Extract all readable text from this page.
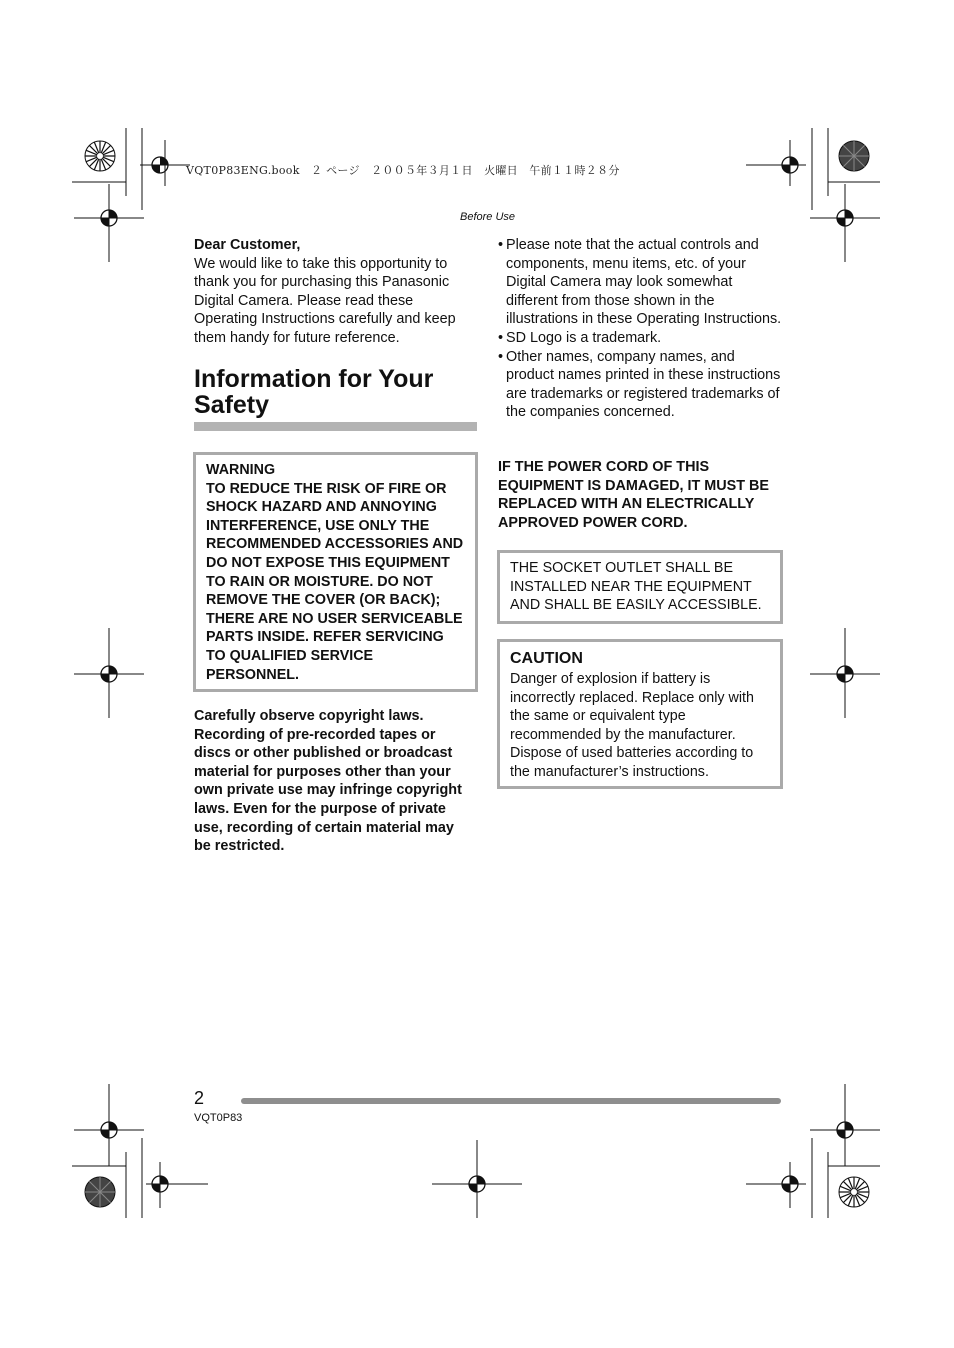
VQT0P83ENG.book　２ ページ　２００５年３月１日　火曜日　午前１１時２８分
Before Use

Dear Customer,

We would like to take this opportunity to thank you for purchasing this Panasonic Digital Camera. Please read these Operating Instructions carefully and keep them handy for future reference.

Information for Your Safety

WARNING

TO REDUCE THE RISK OF FIRE OR SHOCK HAZARD AND ANNOYING INTERFERENCE, USE ONLY THE RECOMMENDED ACCESSORIES AND DO NOT EXPOSE THIS EQUIPMENT TO RAIN OR MOISTURE. DO NOT REMOVE THE COVER (OR BACK); THERE ARE NO USER SERVICEABLE PARTS INSIDE. REFER SERVICING TO QUALIFIED SERVICE PERSONNEL.

Carefully observe copyright laws. Recording of pre-recorded tapes or discs or other published or broadcast material for purposes other than your own private use may infringe copyright laws. Even for the purpose of private use, recording of certain material may be restricted.

• Please note that the actual controls and components, menu items, etc. of your Digital Camera may look somewhat different from those shown in the illustrations in these Operating Instructions.
• SD Logo is a trademark.
• Other names, company names, and product names printed in these instructions are trademarks or registered trademarks of the companies concerned.

IF THE POWER CORD OF THIS EQUIPMENT IS DAMAGED, IT MUST BE REPLACED WITH AN ELECTRICALLY APPROVED POWER CORD.

THE SOCKET OUTLET SHALL BE INSTALLED NEAR THE EQUIPMENT AND SHALL BE EASILY ACCESSIBLE.

CAUTION

Danger of explosion if battery is incorrectly replaced. Replace only with the same or equivalent type recommended by the manufacturer. Dispose of used batteries according to the manufacturer’s instructions.

2
VQT0P83
